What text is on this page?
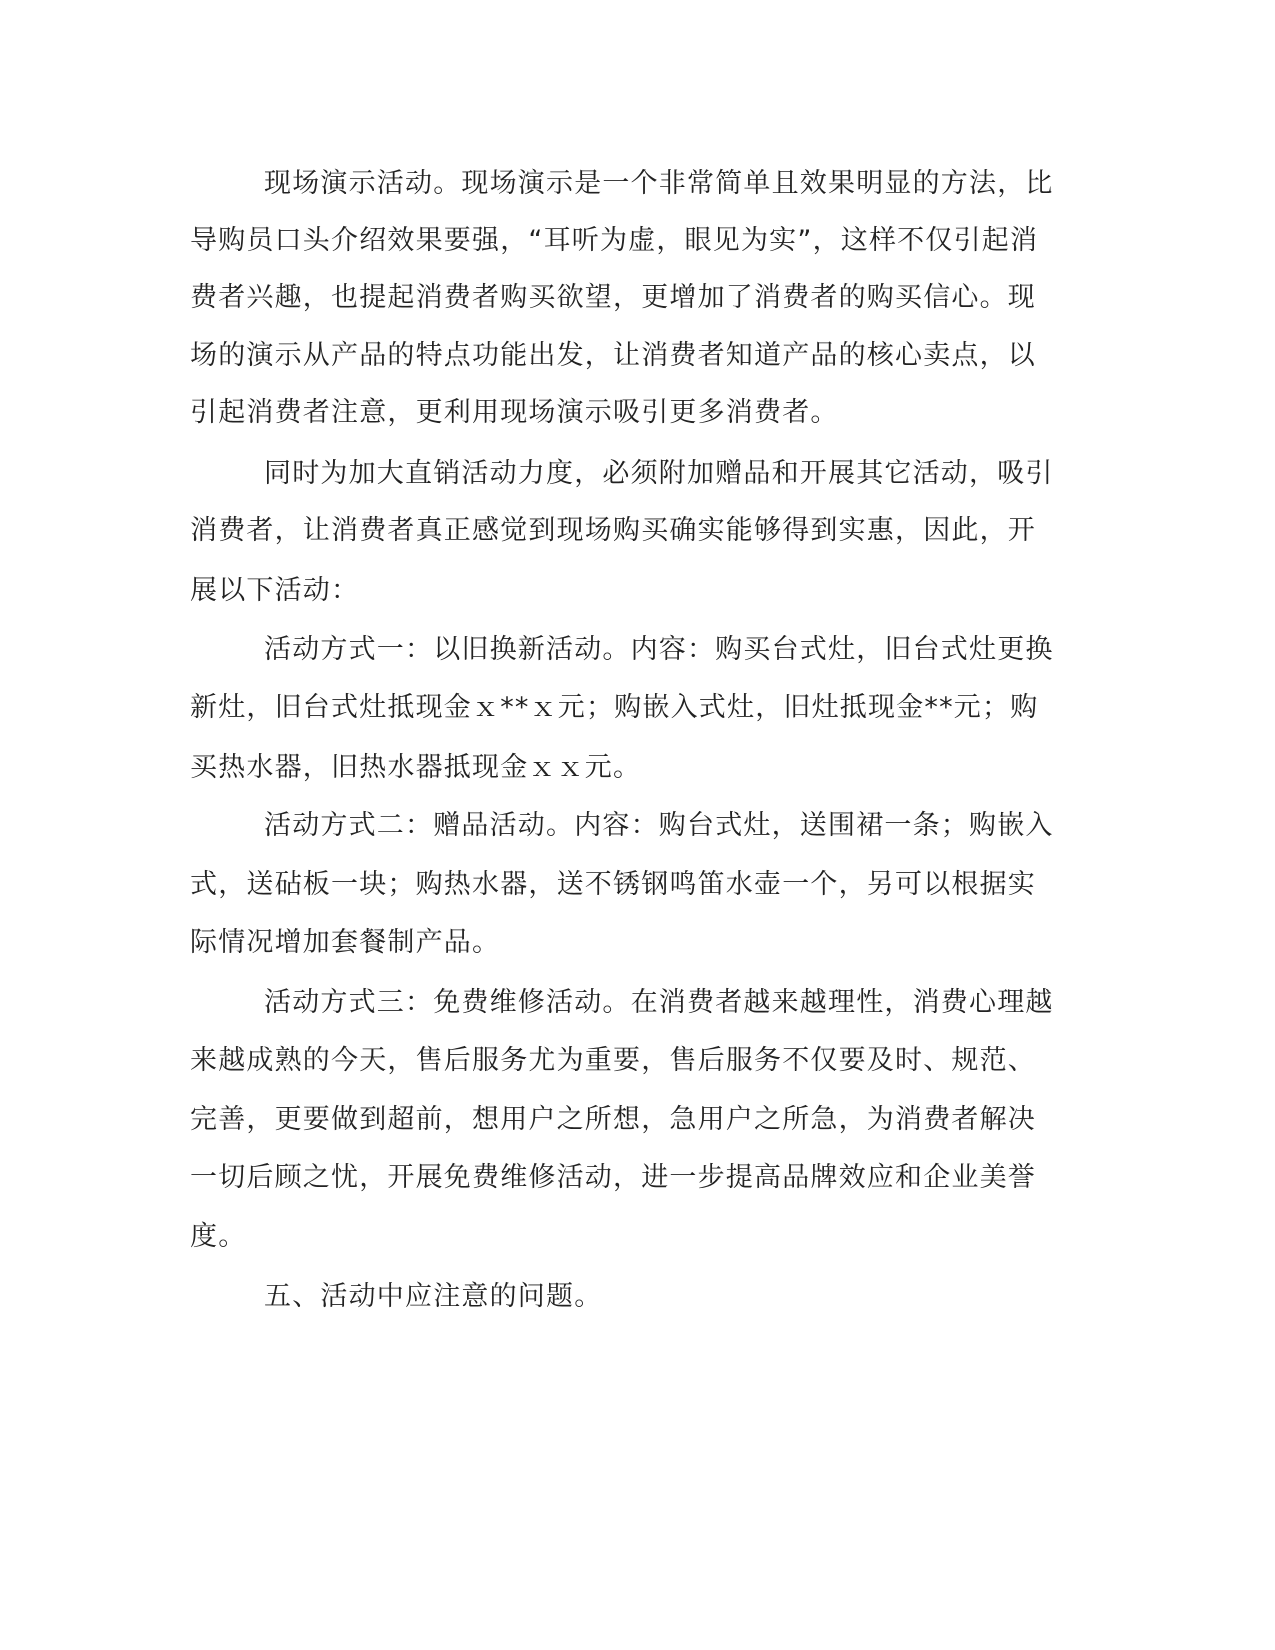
现场演示活动。现场演示是一个非常简单且效果明显的方法，比

导购员口头介绍效果要强，“耳听为虚，眼见为实”，这样不仅引起消

费者兴趣，也提起消费者购买欲望，更增加了消费者的购买信心。现

场的演示从产品的特点功能出发，让消费者知道产品的核心卖点，以

引起消费者注意，更利用现场演示吸引更多消费者。

同时为加大直销活动力度，必须附加赠品和开展其它活动，吸引

消费者，让消费者真正感觉到现场购买确实能够得到实惠，因此，开

展以下活动：

活动方式一：以旧换新活动。内容：购买台式灶，旧台式灶更换

新灶，旧台式灶抵现金ｘ**ｘ元；购嵌入式灶，旧灶抵现金**元；购

买热水器，旧热水器抵现金ｘｘ元。

活动方式二：赠品活动。内容：购台式灶，送围裙一条；购嵌入

式，送砧板一块；购热水器，送不锈钢鸣笛水壶一个，另可以根据实

际情况增加套餐制产品。

活动方式三：免费维修活动。在消费者越来越理性，消费心理越

来越成熟的今天，售后服务尤为重要，售后服务不仅要及时、规范、

完善，更要做到超前，想用户之所想，急用户之所急，为消费者解决

一切后顾之忧，开展免费维修活动，进一步提高品牌效应和企业美誉

度。

五、活动中应注意的问题。
